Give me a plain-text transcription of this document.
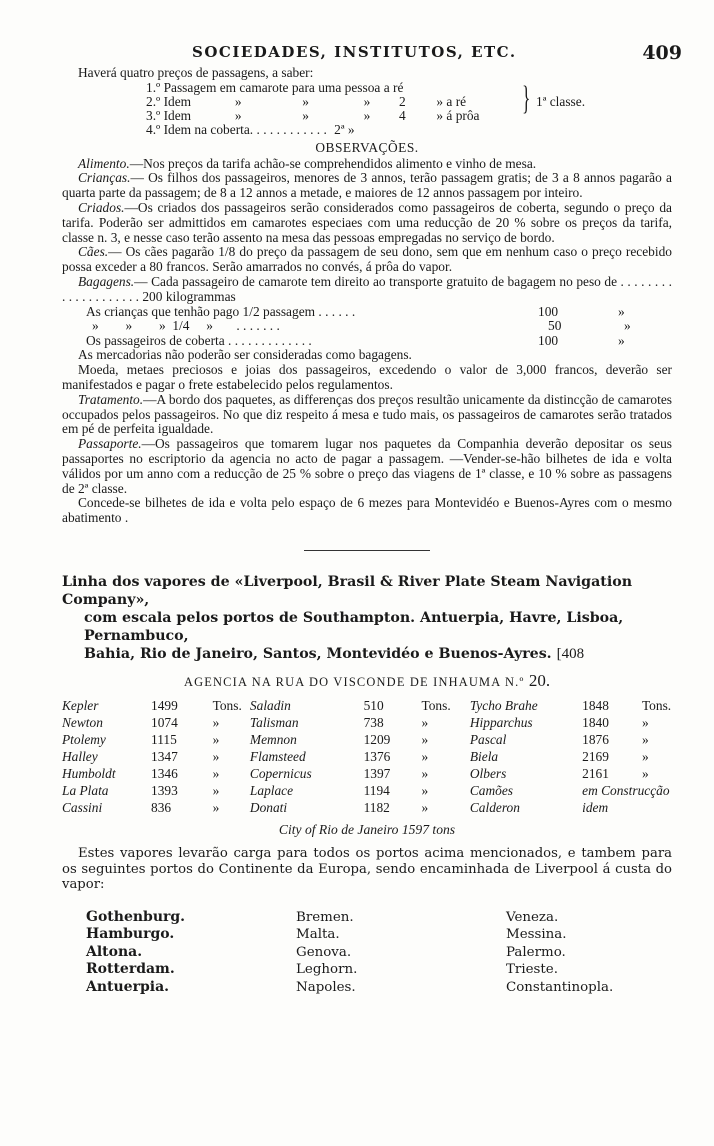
SOCIEDADES, INSTITUTOS, ETC.	409

Haverá quatro preços de passagens, a saber:

1.º Passagem em camarote para uma pessoa a ré
2.º Idem	»	»	» 2 » a ré
3.º Idem	»	»	» 4 » á prôa
4.º Idem na coberta. . . . . . . . . . . . 2ª »
} 1ª classe.
OBSERVAÇÕES.

Alimento.—Nos preços da tarifa achão-se comprehendidos alimento e vinho de mesa.

Crianças.— Os filhos dos passageiros, menores de 3 annos, terão passagem gratis; de 3 a 8 annos pagarão a quarta parte da passagem; de 8 a 12 annos a metade, e maiores de 12 annos passagem por inteiro.

Criados.—Os criados dos passageiros serão considerados como passageiros de coberta, segundo o preço da tarifa. Poderão ser admittidos em camarotes especiaes com uma reducção de 20 % sobre os preços da tarifa, classe n. 3, e nesse caso terão assento na mesa das pessoas empregadas no serviço de bordo.

Cães.— Os cães pagarão 1/8 do preço da passagem de seu dono, sem que em nenhum caso o preço recebido possa exceder a 80 francos. Serão amarrados no convés, á prôa do vapor.

Bagagens.— Cada passageiro de camarote tem direito ao transporte gratuito de bagagem no peso de . . . . . . . . . . . . . . . . . . . . 200 kilogrammas

As crianças que tenhão pago 1/2 passagem . . . . . .	100	»
»        »        »  1/4     »       . . . . . . .	50	»
Os passageiros de coberta . . . . . . . . . . . . .	100	»

As mercadorias não poderão ser consideradas como bagagens.

Moeda, metaes preciosos e joias dos passageiros, excedendo o valor de 3,000 francos, deverão ser manifestados e pagar o frete estabelecido pelos regulamentos.

Tratamento.—A bordo dos paquetes, as differenças dos preços resultão unicamente da distincção de camarotes occupados pelos passageiros. No que diz respeito á mesa e tudo mais, os passageiros de camarotes serão tratados em pé de perfeita igualdade.

Passaporte.—Os passageiros que tomarem lugar nos paquetes da Companhia deverão depositar os seus passaportes no escriptorio da agencia no acto de pagar a passagem. —Vender-se-hão bilhetes de ida e volta válidos por um anno com a reducção de 25 % sobre o preço das viagens de 1ª classe, e 10 % sobre as passagens de 2ª classe.

Concede-se bilhetes de ida e volta pelo espaço de 6 mezes para Montevidéo e Buenos-Ayres com o mesmo abatimento .

Linha dos vapores de «Liverpool, Brasil & River Plate Steam Navigation Company»,
com escala pelos portos de Southampton. Antuerpia, Havre, Lisboa, Pernambuco,
Bahia, Rio de Janeiro, Santos, Montevidéo e Buenos-Ayres. [408
AGENCIA NA RUA DO VISCONDE DE INHAUMA N.º 20.
Kepler	1499	Tons.	Saladin	510	Tons.	Tycho Brahe	1848	Tons.
Newton	1074	»	Talisman	738	»	Hipparchus	1840	»
Ptolemy	1115	»	Memnon	1209	»	Pascal	1876	»
Halley	1347	»	Flamsteed	1376	»	Biela	2169	»
Humboldt	1346	»	Copernicus	1397	»	Olbers	2161	»
La Plata	1393	»	Laplace	1194	»	Camões	em Construcção	
Cassini	836	»	Donati	1182	»	Calderon	idem	
City of Rio de Janeiro 1597 tons

Estes vapores levarão carga para todos os portos acima mencionados, e tambem para os seguintes portos do Continente da Europa, sendo encaminhada de Liverpool á custa do vapor:

Gothenburg.	Bremen.	Veneza.
Hamburgo.	Malta.	Messina.
Altona.	Genova.	Palermo.
Rotterdam.	Leghorn.	Trieste.
Antuerpia.	Napoles.	Constantinopla.
